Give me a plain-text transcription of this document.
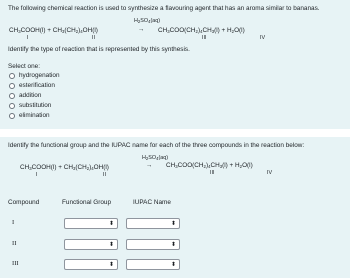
The following chemical reaction is used to synthesize a flavouring agent that has an aroma similar to bananas.
$H_2SO_4(aq)$
→
$CH_3COOH(l) + CH_3(CH_2)_4OH(l)$	$CH_3COO(CH_2)_4CH_3(l) + H_2O(l)$
I	II	III	IV
Identify the type of reaction that is represented by this synthesis.
Select one:
hydrogenation
esterification
addition
substitution
elimination
Identify the functional group and the IUPAC name for each of the three compounds in the reaction below:
$H_2SO_4(aq)$
→
$CH_3COOH(l) + CH_3(CH_2)_4OH(l)$	$CH_3COO(CH_2)_4CH_3(l) + H_2O(l)$
I	II	III	IV
Compound	Functional Group	IUPAC Name
I	⬍	⬍
II	⬍	⬍
III	⬍	⬍
